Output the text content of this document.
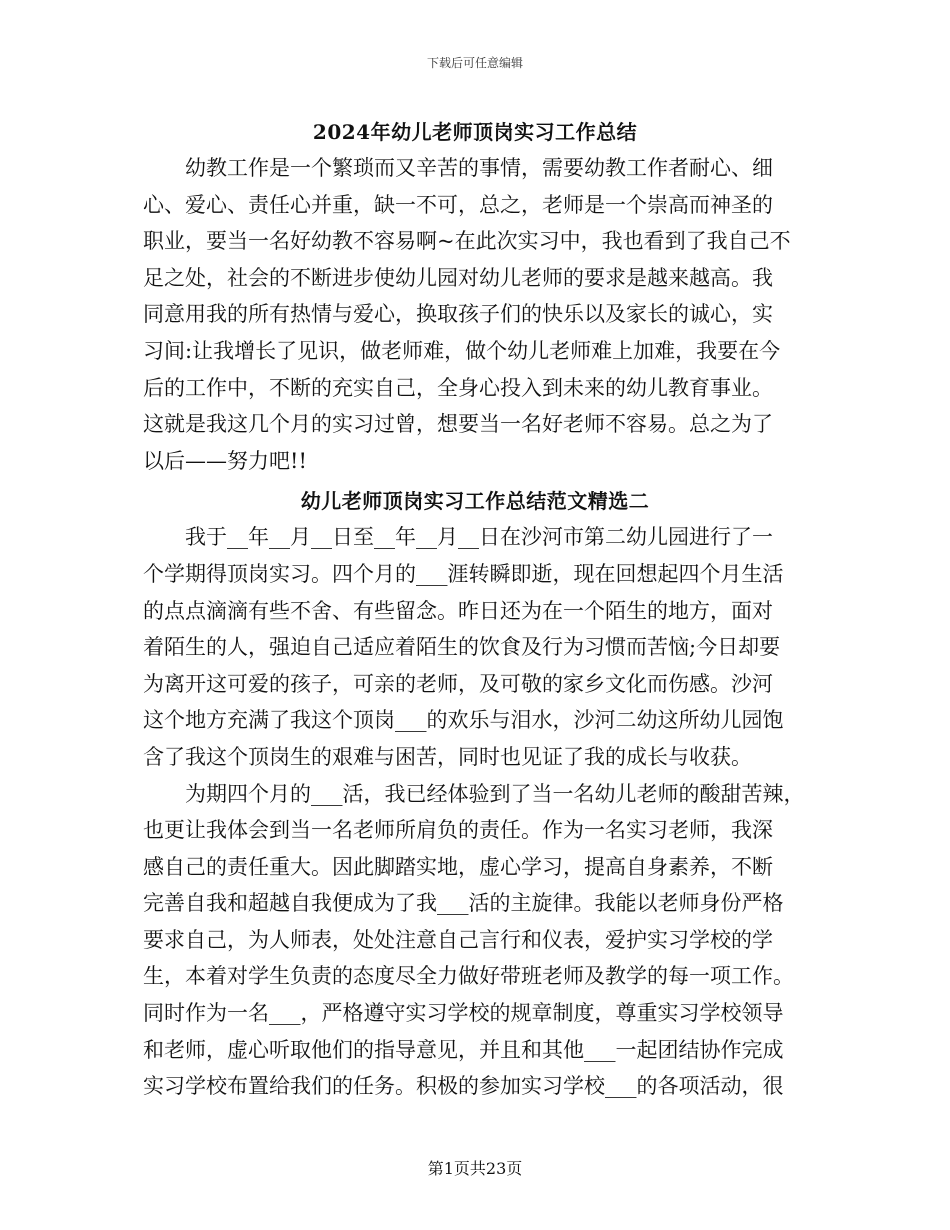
下载后可任意编辑
2024年幼儿老师顶岗实习工作总结
幼教工作是一个繁琐而又辛苦的事情，需要幼教工作者耐心、细
心、爱心、责任心并重，缺一不可，总之，老师是一个崇高而神圣的
职业，要当一名好幼教不容易啊~在此次实习中，我也看到了我自己不
足之处，社会的不断进步使幼儿园对幼儿老师的要求是越来越高。我
同意用我的所有热情与爱心，换取孩子们的快乐以及家长的诚心，实
习间:让我增长了见识，做老师难，做个幼儿老师难上加难，我要在今
后的工作中，不断的充实自己，全身心投入到未来的幼儿教育事业。
这就是我这几个月的实习过曾，想要当一名好老师不容易。总之为了
以后——努力吧!!
幼儿老师顶岗实习工作总结范文精选二
我于__年__月__日至__年__月__日在沙河市第二幼儿园进行了一
个学期得顶岗实习。四个月的___涯转瞬即逝，现在回想起四个月生活
的点点滴滴有些不舍、有些留念。昨日还为在一个陌生的地方，面对
着陌生的人，强迫自己适应着陌生的饮食及行为习惯而苦恼;今日却要
为离开这可爱的孩子，可亲的老师，及可敬的家乡文化而伤感。沙河
这个地方充满了我这个顶岗___的欢乐与泪水，沙河二幼这所幼儿园饱
含了我这个顶岗生的艰难与困苦，同时也见证了我的成长与收获。
为期四个月的___活，我已经体验到了当一名幼儿老师的酸甜苦辣，
也更让我体会到当一名老师所肩负的责任。作为一名实习老师，我深
感自己的责任重大。因此脚踏实地，虚心学习，提高自身素养，不断
完善自我和超越自我便成为了我___活的主旋律。我能以老师身份严格
要求自己，为人师表，处处注意自己言行和仪表，爱护实习学校的学
生，本着对学生负责的态度尽全力做好带班老师及教学的每一项工作。
同时作为一名___，严格遵守实习学校的规章制度，尊重实习学校领导
和老师，虚心听取他们的指导意见，并且和其他___一起团结协作完成
实习学校布置给我们的任务。积极的参加实习学校___的各项活动，很
第1页共23页
